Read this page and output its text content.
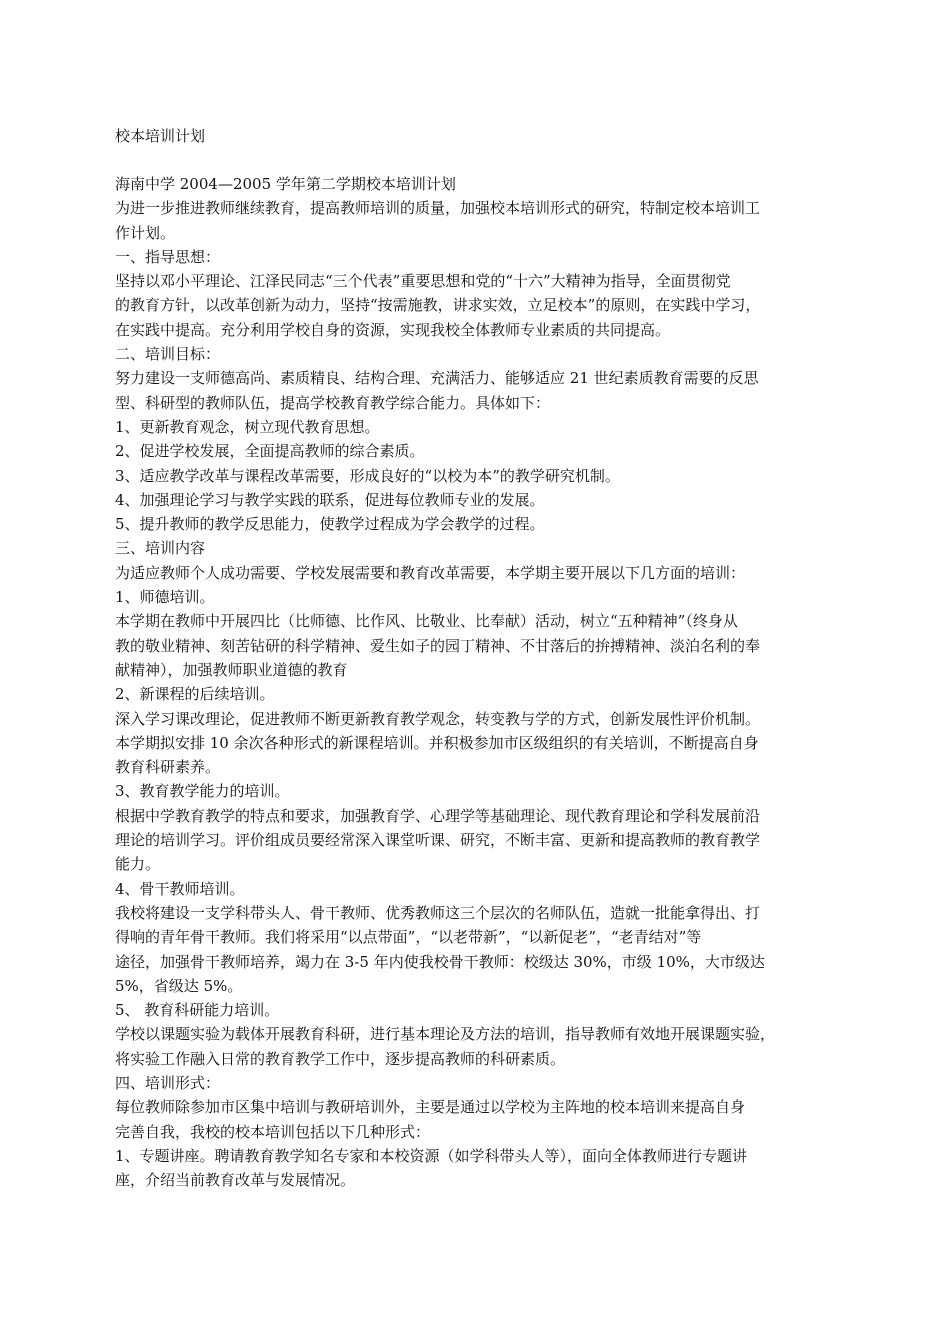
校本培训计划
海南中学 2004—2005 学年第二学期校本培训计划
为进一步推进教师继续教育，提高教师培训的质量，加强校本培训形式的研究，特制定校本培训工
作计划。
一、指导思想：
坚持以邓小平理论、江泽民同志“三个代表”重要思想和党的“十六”大精神为指导，全面贯彻党
的教育方针，以改革创新为动力，坚持“按需施教，讲求实效，立足校本”的原则，在实践中学习，
在实践中提高。充分利用学校自身的资源，实现我校全体教师专业素质的共同提高。
二、培训目标：
努力建设一支师德高尚、素质精良、结构合理、充满活力、能够适应 21 世纪素质教育需要的反思
型、科研型的教师队伍，提高学校教育教学综合能力。具体如下：
1、更新教育观念，树立现代教育思想。
2、促进学校发展，全面提高教师的综合素质。
3、适应教学改革与课程改革需要，形成良好的“以校为本”的教学研究机制。
4、加强理论学习与教学实践的联系，促进每位教师专业的发展。
5、提升教师的教学反思能力，使教学过程成为学会教学的过程。
三、培训内容
为适应教师个人成功需要、学校发展需要和教育改革需要，本学期主要开展以下几方面的培训：
1、师德培训。
本学期在教师中开展四比（比师德、比作风、比敬业、比奉献）活动，树立“五种精神”（终身从
教的敬业精神、刻苦钻研的科学精神、爱生如子的园丁精神、不甘落后的拚搏精神、淡泊名利的奉
献精神），加强教师职业道德的教育
2、新课程的后续培训。
深入学习课改理论，促进教师不断更新教育教学观念，转变教与学的方式，创新发展性评价机制。
本学期拟安排 10 余次各种形式的新课程培训。并积极参加市区级组织的有关培训，不断提高自身
教育科研素养。
3、教育教学能力的培训。
根据中学教育教学的特点和要求，加强教育学、心理学等基础理论、现代教育理论和学科发展前沿
理论的培训学习。评价组成员要经常深入课堂听课、研究，不断丰富、更新和提高教师的教育教学
能力。
4、骨干教师培训。
我校将建设一支学科带头人、骨干教师、优秀教师这三个层次的名师队伍，造就一批能拿得出、打
得响的青年骨干教师。我们将采用“以点带面”，“以老带新”，“以新促老”，“老青结对”等
途径，加强骨干教师培养，竭力在 3-5 年内使我校骨干教师：校级达 30%，市级 10%，大市级达
5%，省级达 5%。
5、 教育科研能力培训。
学校以课题实验为载体开展教育科研，进行基本理论及方法的培训，指导教师有效地开展课题实验，
将实验工作融入日常的教育教学工作中，逐步提高教师的科研素质。
四、培训形式：
每位教师除参加市区集中培训与教研培训外，主要是通过以学校为主阵地的校本培训来提高自身
完善自我，我校的校本培训包括以下几种形式：
1、专题讲座。聘请教育教学知名专家和本校资源（如学科带头人等），面向全体教师进行专题讲
座，介绍当前教育改革与发展情况。
